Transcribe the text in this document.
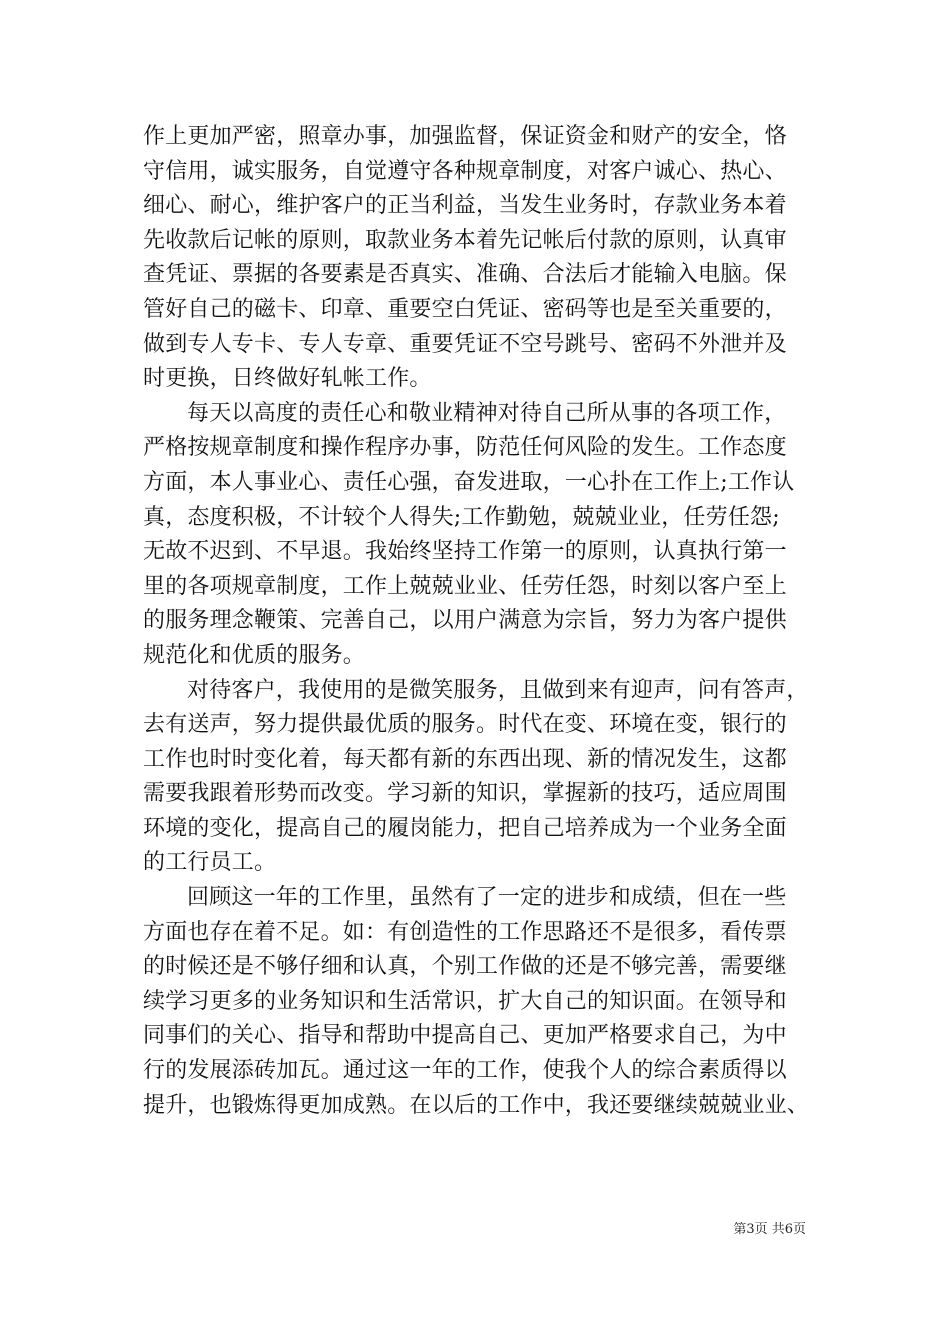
作上更加严密，照章办事，加强监督，保证资金和财产的安全，恪
守信用，诚实服务，自觉遵守各种规章制度，对客户诚心、热心、
细心、耐心，维护客户的正当利益，当发生业务时，存款业务本着
先收款后记帐的原则，取款业务本着先记帐后付款的原则，认真审
查凭证、票据的各要素是否真实、准确、合法后才能输入电脑。保
管好自己的磁卡、印章、重要空白凭证、密码等也是至关重要的，
做到专人专卡、专人专章、重要凭证不空号跳号、密码不外泄并及
时更换，日终做好轧帐工作。
每天以高度的责任心和敬业精神对待自己所从事的各项工作，
严格按规章制度和操作程序办事，防范任何风险的发生。工作态度
方面，本人事业心、责任心强，奋发进取，一心扑在工作上;工作认
真，态度积极，不计较个人得失;工作勤勉，兢兢业业，任劳任怨;
无故不迟到、不早退。我始终坚持工作第一的原则，认真执行第一
里的各项规章制度，工作上兢兢业业、任劳任怨，时刻以客户至上
的服务理念鞭策、完善自己，以用户满意为宗旨，努力为客户提供
规范化和优质的服务。
对待客户，我使用的是微笑服务，且做到来有迎声，问有答声，
去有送声，努力提供最优质的服务。时代在变、环境在变，银行的
工作也时时变化着，每天都有新的东西出现、新的情况发生，这都
需要我跟着形势而改变。学习新的知识，掌握新的技巧，适应周围
环境的变化，提高自己的履岗能力，把自己培养成为一个业务全面
的工行员工。
回顾这一年的工作里，虽然有了一定的进步和成绩，但在一些
方面也存在着不足。如：有创造性的工作思路还不是很多，看传票
的时候还是不够仔细和认真，个别工作做的还是不够完善，需要继
续学习更多的业务知识和生活常识，扩大自己的知识面。在领导和
同事们的关心、指导和帮助中提高自己、更加严格要求自己，为中
行的发展添砖加瓦。通过这一年的工作，使我个人的综合素质得以
提升，也锻炼得更加成熟。在以后的工作中，我还要继续兢兢业业、
第3页 共6页
